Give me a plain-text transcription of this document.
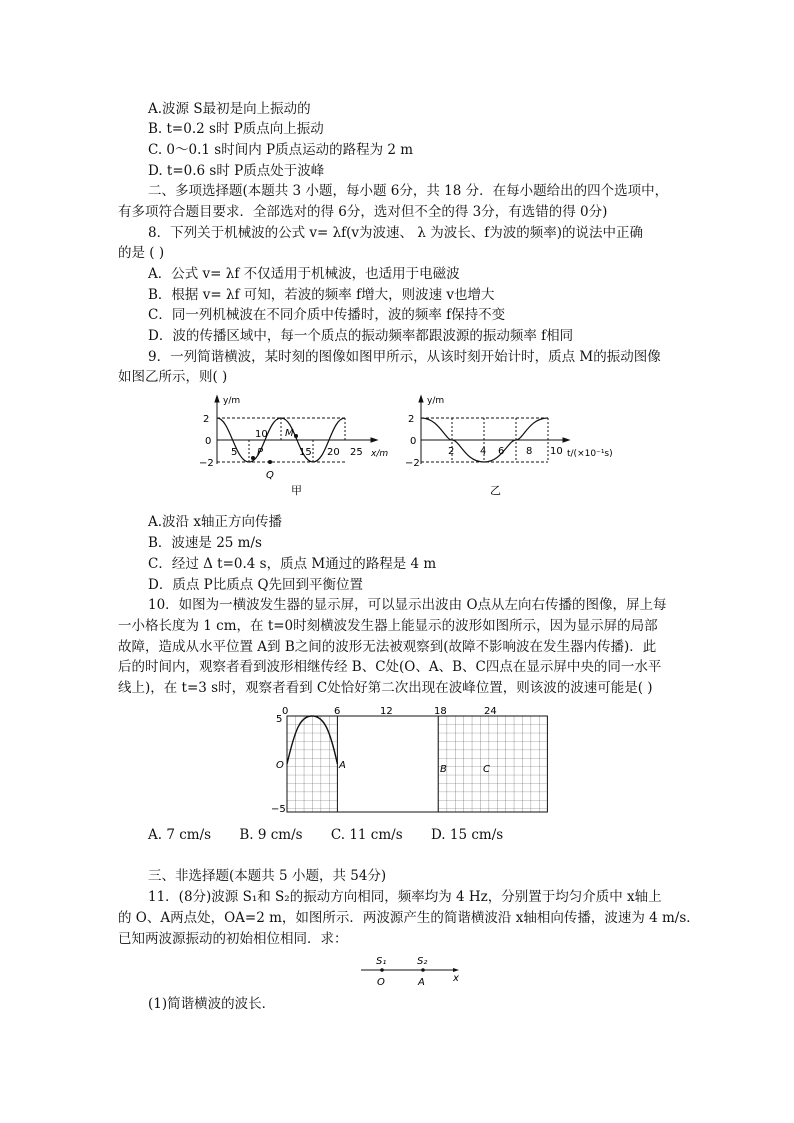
A.波源 S最初是向上振动的
B. t=0.2 s时 P质点向上振动
C. 0～0.1 s时间内 P质点运动的路程为 2 m
D. t=0.6 s时 P质点处于波峰
二、多项选择题(本题共 3 小题，每小题 6分，共 18 分．在每小题给出的四个选项中，
有多项符合题目要求．全部选对的得 6分，选对但不全的得 3分，有选错的得 0分)
8．下列关于机械波的公式 v= λf(v为波速、 λ 为波长、f为波的频率)的说法中正确
的是 ( )
A．公式 v= λf 不仅适用于机械波，也适用于电磁波
B．根据 v= λf 可知，若波的频率 f增大，则波速 v也增大
C．同一列机械波在不同介质中传播时，波的频率 f保持不变
D．波的传播区域中，每一个质点的振动频率都跟波源的振动频率 f相同
9．一列简谐横波，某时刻的图像如图甲所示，从该时刻开始计时，质点 M的振动图像
如图乙所示，则( )
y/m
2
0
−2
5
10
15 20 25 x/m
P
Q
M
甲
y/m
2
0
−2
2	4 6 8 10 t/(×10⁻¹s)
乙
A.波沿 x轴正方向传播
B．波速是 25 m/s
C．经过 Δ t=0.4 s，质点 M通过的路程是 4 m
D．质点 P比质点 Q先回到平衡位置
10．如图为一横波发生器的显示屏，可以显示出波由 O点从左向右传播的图像，屏上每
一小格长度为 1 cm，在 t=0时刻横波发生器上能显示的波形如图所示，因为显示屏的局部
故障，造成从水平位置 A到 B之间的波形无法被观察到(故障不影响波在发生器内传播)．此
后的时间内，观察者看到波形相继传经 B、C处(O、A、B、C四点在显示屏中央的同一水平
线上)，在 t=3 s时，观察者看到 C处恰好第二次出现在波峰位置，则该波的波速可能是( )
0	6	12	18	24
5
−5
O	A	B	C
A. 7 cm/s B. 9 cm/s C. 11 cm/s D. 15 cm/s
三、非选择题(本题共 5 小题，共 54分)
11．(8分)波源 S₁和 S₂的振动方向相同，频率均为 4 Hz，分别置于均匀介质中 x轴上
的 O、A两点处，OA=2 m，如图所示．两波源产生的简谐横波沿 x轴相向传播，波速为 4 m/s．
已知两波源振动的初始相位相同．求：
S₁	S₂
O	A	x
(1)简谐横波的波长．
